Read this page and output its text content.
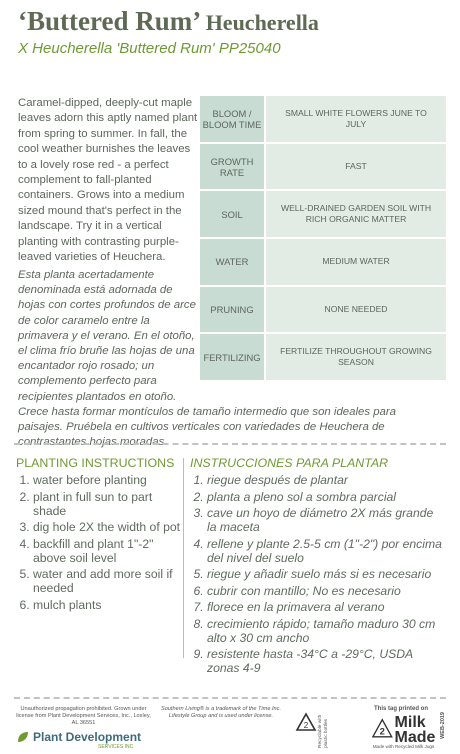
‘Buttered Rum’ Heucherella
X Heucherella 'Buttered Rum' PP25040
Caramel-dipped, deeply-cut maple leaves adorn this aptly named plant from spring to summer. In fall, the cool weather burnishes the leaves to a lovely rose red - a perfect complement to fall-planted containers. Grows into a medium sized mound that's perfect in the landscape. Try it in a vertical planting with contrasting purple-leaved varieties of Heuchera.
BLOOM / BLOOM TIME
SMALL WHITE FLOWERS JUNE TO JULY
GROWTH RATE
FAST
SOIL
WELL-DRAINED GARDEN SOIL WITH RICH ORGANIC MATTER
WATER	MEDIUM WATER
PRUNING	NONE NEEDED
FERTILIZING
FERTILIZE THROUGHOUT GROWING SEASON
Esta planta acertadamente denominada está adornada de hojas con cortes profundos de arce de color caramelo entre la primavera y el verano. En el otoño, el clima frío bruñe las hojas de una encantador rojo rosado; un complemento perfecto para recipientes plantados en otoño. Crece hasta formar montículos de tamaño intermedio que son ideales para paisajes. Pruébela en cultivos verticales con variedades de Heuchera de contrastantes hojas moradas.
PLANTING INSTRUCTIONS
1. water before planting
2. plant in full sun to part shade
3. dig hole 2X the width of pot
4. backfill and plant 1"-2" above soil level
5. water and add more soil if needed
6. mulch plants
INSTRUCCIONES PARA PLANTAR
1. riegue después de plantar
2. planta a pleno sol a sombra parcial
3. cave un hoyo de diámetro 2X más grande la maceta
4. rellene y plante 2.5-5 cm (1"-2") por encima del nivel del suelo
5. riegue y añadir suelo más si es necesario
6. cubrir con mantillo; No es necesario
7. florece en la primavera al verano
8. crecimiento rápido; tamaño maduro 30 cm alto x 30 cm ancho
9. resistente hasta -34°C a -29°C, USDA zonas 4-9
Unauthorized propagation prohibited. Grown under license from Plant Development Services, Inc., Loxley, AL 36551
Plant Development
SERVICES INC
Southern Living® is a trademark of the Time Inc. Lifestyle Group and is used under license.
2 Recyclable with plastic bottles
This tag printed on
2 Milk Made
Made with Recycled Milk Jugs
WEB-2019
